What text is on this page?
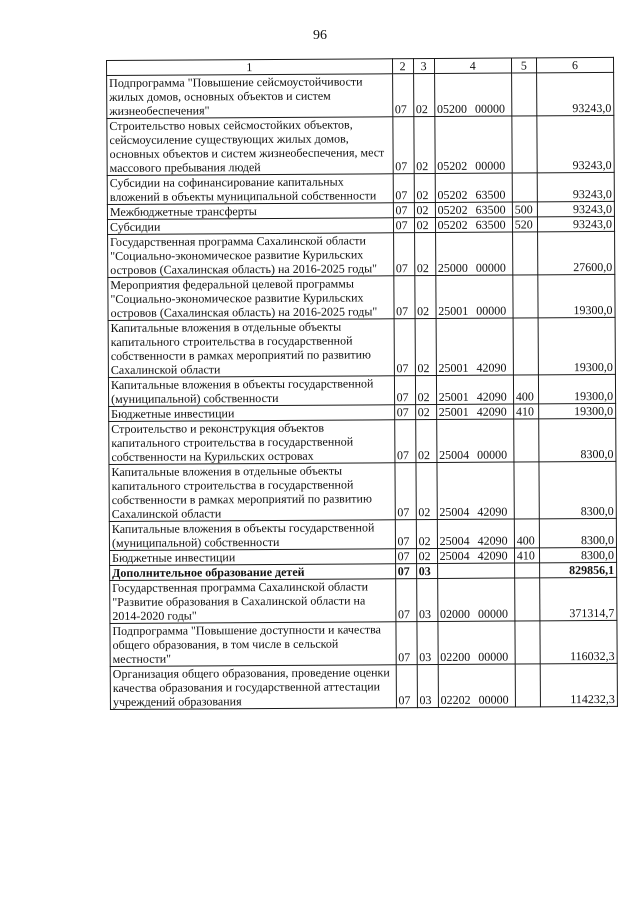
96
1	2	3	4	5	6
Подпрограмма "Повышение сейсмоустойчивости жилых домов, основных объектов и систем жизнеобеспечения"	07	02	05200 00000		93243,0
Строительство новых сейсмостойких объектов, сейсмоусиление существующих жилых домов, основных объектов и систем жизнеобеспечения, мест массового пребывания людей	07	02	05202 00000		93243,0
Субсидии на софинансирование капитальных вложений в объекты муниципальной собственности	07	02	05202 63500		93243,0
Межбюджетные трансферты	07	02	05202 63500	500	93243,0
Субсидии	07	02	05202 63500	520	93243,0
Государственная программа Сахалинской области "Социально-экономическое развитие Курильских островов (Сахалинская область) на 2016-2025 годы"	07	02	25000 00000		27600,0
Мероприятия федеральной целевой программы "Социально-экономическое развитие Курильских островов (Сахалинская область) на 2016-2025 годы"	07	02	25001 00000		19300,0
Капитальные вложения в отдельные объекты капитального строительства в государственной собственности в рамках мероприятий по развитию Сахалинской области	07	02	25001 42090		19300,0
Капитальные вложения в объекты государственной (муниципальной) собственности	07	02	25001 42090	400	19300,0
Бюджетные инвестиции	07	02	25001 42090	410	19300,0
Строительство и реконструкция объектов капитального строительства в государственной собственности на Курильских островах	07	02	25004 00000		8300,0
Капитальные вложения в отдельные объекты капитального строительства в государственной собственности в рамках мероприятий по развитию Сахалинской области	07	02	25004 42090		8300,0
Капитальные вложения в объекты государственной (муниципальной) собственности	07	02	25004 42090	400	8300,0
Бюджетные инвестиции	07	02	25004 42090	410	8300,0
Дополнительное образование детей	07	03			829856,1
Государственная программа Сахалинской области "Развитие образования в Сахалинской области на 2014-2020 годы"	07	03	02000 00000		371314,7
Подпрограмма "Повышение доступности и качества общего образования, в том числе в сельской местности"	07	03	02200 00000		116032,3
Организация общего образования, проведение оценки качества образования и государственной аттестации учреждений образования	07	03	02202 00000		114232,3
